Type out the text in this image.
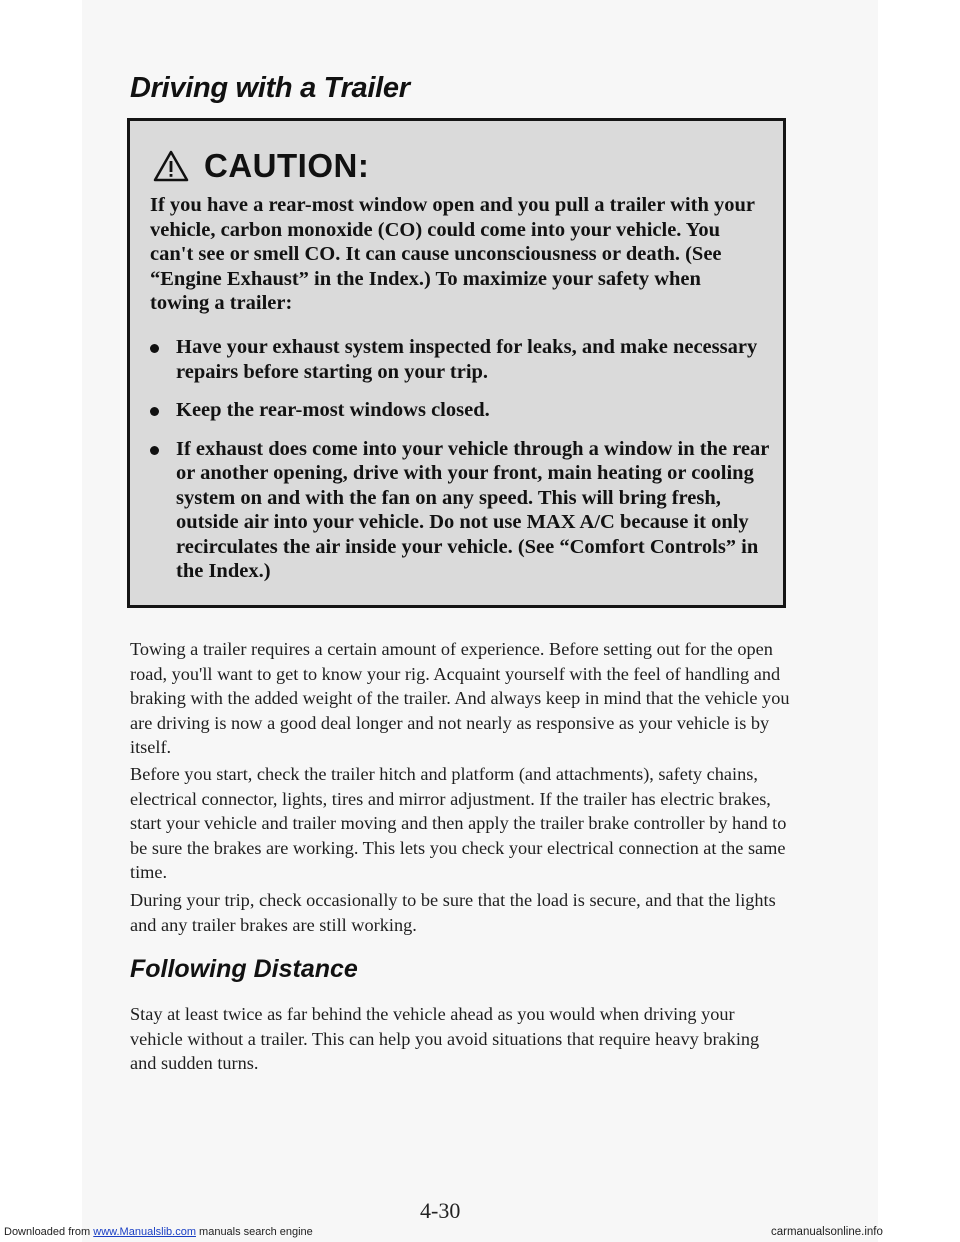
Driving with a Trailer
CAUTION:

If you have a rear-most window open and you pull a trailer with your vehicle, carbon monoxide (CO) could come into your vehicle. You can't see or smell CO. It can cause unconsciousness or death. (See “Engine Exhaust” in the Index.) To maximize your safety when towing a trailer:

Have your exhaust system inspected for leaks, and make necessary repairs before starting on your trip.
Keep the rear-most windows closed.
If exhaust does come into your vehicle through a window in the rear or another opening, drive with your front, main heating or cooling system on and with the fan on any speed. This will bring fresh, outside air into your vehicle. Do not use MAX A/C because it only recirculates the air inside your vehicle. (See “Comfort Controls” in the Index.)

Towing a trailer requires a certain amount of experience. Before setting out for the open road, you'll want to get to know your rig. Acquaint yourself with the feel of handling and braking with the added weight of the trailer. And always keep in mind that the vehicle you are driving is now a good deal longer and not nearly as responsive as your vehicle is by itself.

Before you start, check the trailer hitch and platform (and attachments), safety chains, electrical connector, lights, tires and mirror adjustment. If the trailer has electric brakes, start your vehicle and trailer moving and then apply the trailer brake controller by hand to be sure the brakes are working. This lets you check your electrical connection at the same time.

During your trip, check occasionally to be sure that the load is secure, and that the lights and any trailer brakes are still working.

Following Distance

Stay at least twice as far behind the vehicle ahead as you would when driving your vehicle without a trailer. This can help you avoid situations that require heavy braking and sudden turns.

4-30
Downloaded from www.Manualslib.com manuals search engine	carmanualsonline.info
